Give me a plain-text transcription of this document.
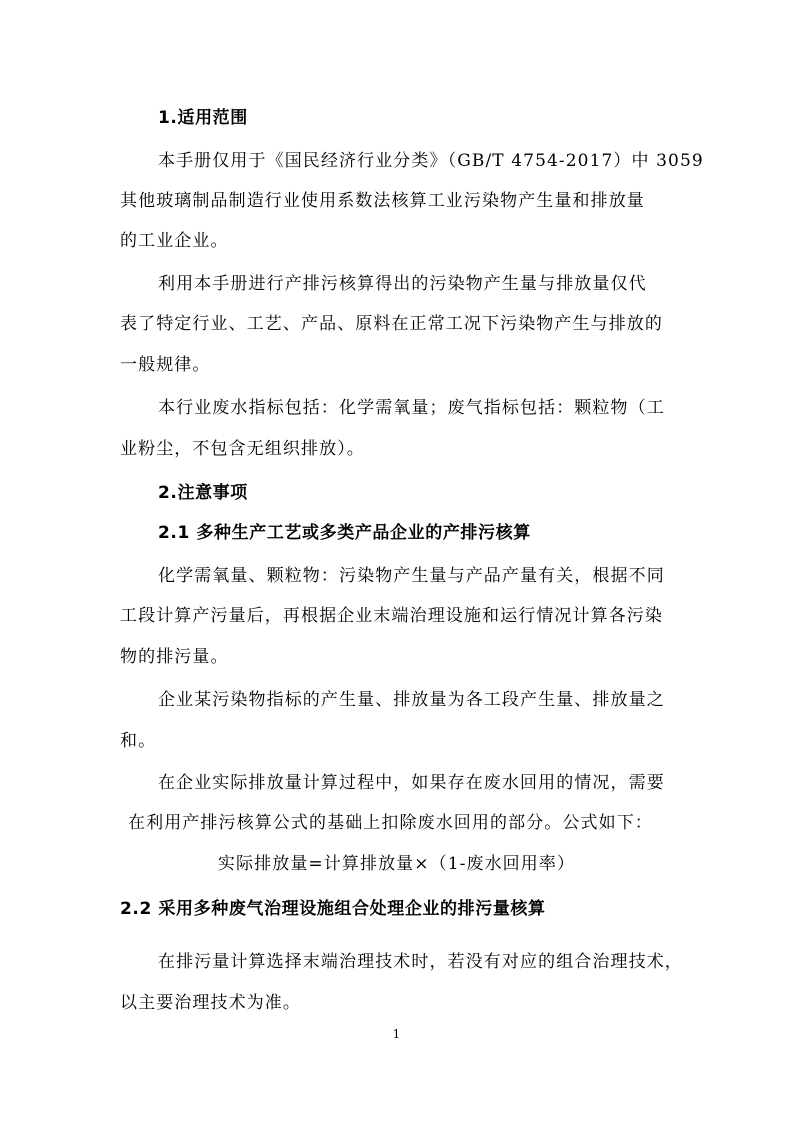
1.适用范围
本手册仅用于《国民经济行业分类》（GB/T 4754-2017）中 3059
其他玻璃制品制造行业使用系数法核算工业污染物产生量和排放量
的工业企业。
利用本手册进行产排污核算得出的污染物产生量与排放量仅代
表了特定行业、工艺、产品、原料在正常工况下污染物产生与排放的
一般规律。
本行业废水指标包括：化学需氧量；废气指标包括：颗粒物（工
业粉尘，不包含无组织排放）。
2.注意事项
2.1 多种生产工艺或多类产品企业的产排污核算
化学需氧量、颗粒物：污染物产生量与产品产量有关，根据不同
工段计算产污量后，再根据企业末端治理设施和运行情况计算各污染
物的排污量。
企业某污染物指标的产生量、排放量为各工段产生量、排放量之
和。
在企业实际排放量计算过程中，如果存在废水回用的情况，需要
在利用产排污核算公式的基础上扣除废水回用的部分。公式如下：
实际排放量=计算排放量×（1-废水回用率）
2.2 采用多种废气治理设施组合处理企业的排污量核算
在排污量计算选择末端治理技术时，若没有对应的组合治理技术，
以主要治理技术为准。
1
